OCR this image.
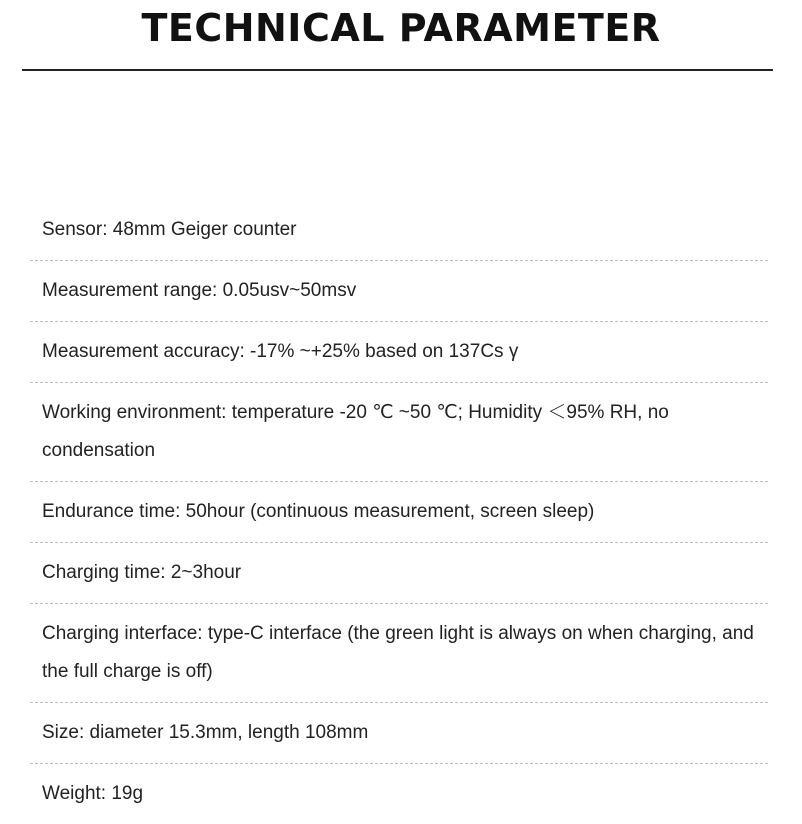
TECHNICAL PARAMETER
Sensor: 48mm Geiger counter
Measurement range: 0.05usv~50msv
Measurement accuracy: -17% ~+25% based on 137Cs γ
Working environment: temperature -20 ℃ ~50 ℃; Humidity ＜95% RH, no condensation
Endurance time: 50hour (continuous measurement, screen sleep)
Charging time: 2~3hour
Charging interface: type-C interface (the green light is always on when charging, and the full charge is off)
Size: diameter 15.3mm, length 108mm
Weight: 19g
